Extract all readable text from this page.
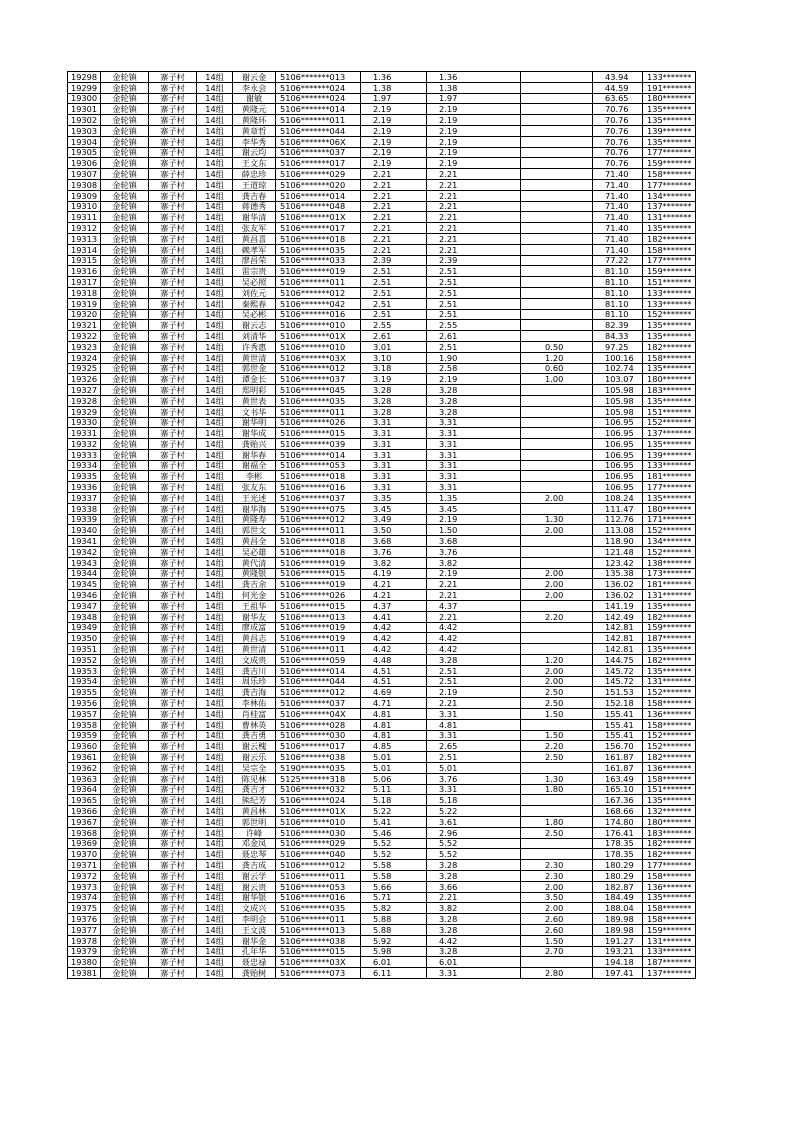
19298	金轮镇	寨子村	14组	谢云金	5106*******013	1.36	1.36		43.94	133*******
19299	金轮镇	寨子村	14组	李永会	5106*******024	1.38	1.38		44.59	191*******
19300	金轮镇	寨子村	14组	谢敏	5106*******024	1.97	1.97		63.65	180*******
19301	金轮镇	寨子村	14组	黄隆元	5106*******014	2.19	2.19		70.76	135*******
19302	金轮镇	寨子村	14组	黄隆环	5106*******011	2.19	2.19		70.76	135*******
19303	金轮镇	寨子村	14组	黄章哲	5106*******044	2.19	2.19		70.76	139*******
19304	金轮镇	寨子村	14组	李华秀	5106*******06X	2.19	2.19		70.76	135*******
19305	金轮镇	寨子村	14组	谢云均	5106*******037	2.19	2.19		70.76	177*******
19306	金轮镇	寨子村	14组	王文东	5106*******017	2.19	2.19		70.76	159*******
19307	金轮镇	寨子村	14组	薛忠珍	5106*******029	2.21	2.21		71.40	158*******
19308	金轮镇	寨子村	14组	王道琼	5106*******020	2.21	2.21		71.40	177*******
19309	金轮镇	寨子村	14组	龚吉春	5106*******014	2.21	2.21		71.40	134*******
19310	金轮镇	寨子村	14组	蒋德秀	5106*******048	2.21	2.21		71.40	137*******
19311	金轮镇	寨子村	14组	谢华清	5106*******01X	2.21	2.21		71.40	131*******
19312	金轮镇	寨子村	14组	张友军	5106*******017	2.21	2.21		71.40	135*******
19313	金轮镇	寨子村	14组	黄昌喜	5106*******018	2.21	2.21		71.40	182*******
19314	金轮镇	寨子村	14组	赖孝军	5106*******035	2.21	2.21		71.40	158*******
19315	金轮镇	寨子村	14组	廖昌荣	5106*******033	2.39	2.39		77.22	177*******
19316	金轮镇	寨子村	14组	雷宗贵	5106*******019	2.51	2.51		81.10	159*******
19317	金轮镇	寨子村	14组	吴必照	5106*******011	2.51	2.51		81.10	151*******
19318	金轮镇	寨子村	14组	刘佐元	5106*******012	2.51	2.51		81.10	133*******
19319	金轮镇	寨子村	14组	秦熙春	5106*******042	2.51	2.51		81.10	133*******
19320	金轮镇	寨子村	14组	吴必彬	5106*******016	2.51	2.51		81.10	152*******
19321	金轮镇	寨子村	14组	谢云志	5106*******010	2.55	2.55		82.39	135*******
19322	金轮镇	寨子村	14组	刘清华	5106*******01X	2.61	2.61		84.33	135*******
19323	金轮镇	寨子村	14组	许秀惠	5106*******010	3.01	2.51	0.50	97.25	182*******
19324	金轮镇	寨子村	14组	黄世清	5106*******03X	3.10	1.90	1.20	100.16	158*******
19325	金轮镇	寨子村	14组	郭世金	5106*******012	3.18	2.58	0.60	102.74	135*******
19326	金轮镇	寨子村	14组	谭金长	5106*******037	3.19	2.19	1.00	103.07	180*******
19327	金轮镇	寨子村	14组	郑明彩	5106*******045	3.28	3.28		105.98	183*******
19328	金轮镇	寨子村	14组	黄世表	5106*******035	3.28	3.28		105.98	135*******
19329	金轮镇	寨子村	14组	文书华	5106*******011	3.28	3.28		105.98	151*******
19330	金轮镇	寨子村	14组	谢华明	5106*******026	3.31	3.31		106.95	152*******
19331	金轮镇	寨子村	14组	谢华成	5106*******015	3.31	3.31		106.95	137*******
19332	金轮镇	寨子村	14组	龚贻兴	5106*******039	3.31	3.31		106.95	135*******
19333	金轮镇	寨子村	14组	谢华春	5106*******014	3.31	3.31		106.95	139*******
19334	金轮镇	寨子村	14组	谢福全	5106*******053	3.31	3.31		106.95	133*******
19335	金轮镇	寨子村	14组	李彬	5106*******018	3.31	3.31		106.95	181*******
19336	金轮镇	寨子村	14组	张友东	5106*******016	3.31	3.31		106.95	177*******
19337	金轮镇	寨子村	14组	王光述	5106*******037	3.35	1.35	2.00	108.24	135*******
19338	金轮镇	寨子村	14组	谢华海	5190*******075	3.45	3.45		111.47	180*******
19339	金轮镇	寨子村	14组	黄隆寿	5106*******012	3.49	2.19	1.30	112.76	171*******
19340	金轮镇	寨子村	14组	郭世文	5106*******011	3.50	1.50	2.00	113.08	152*******
19341	金轮镇	寨子村	14组	黄昌全	5106*******018	3.68	3.68		118.90	134*******
19342	金轮镇	寨子村	14组	吴必雄	5106*******018	3.76	3.76		121.48	152*******
19343	金轮镇	寨子村	14组	黄代清	5106*******019	3.82	3.82		123.42	138*******
19344	金轮镇	寨子村	14组	黄隆银	5106*******015	4.19	2.19	2.00	135.38	173*******
19345	金轮镇	寨子村	14组	龚吉余	5106*******019	4.21	2.21	2.00	136.02	181*******
19346	金轮镇	寨子村	14组	何光金	5106*******026	4.21	2.21	2.00	136.02	131*******
19347	金轮镇	寨子村	14组	王祖华	5106*******015	4.37	4.37		141.19	135*******
19348	金轮镇	寨子村	14组	谢华友	5106*******013	4.41	2.21	2.20	142.49	182*******
19349	金轮镇	寨子村	14组	廖成富	5106*******019	4.42	4.42		142.81	159*******
19350	金轮镇	寨子村	14组	黄昌志	5106*******019	4.42	4.42		142.81	187*******
19351	金轮镇	寨子村	14组	黄世清	5106*******011	4.42	4.42		142.81	135*******
19352	金轮镇	寨子村	14组	文成贵	5106*******059	4.48	3.28	1.20	144.75	182*******
19353	金轮镇	寨子村	14组	龚吉川	5106*******014	4.51	2.51	2.00	145.72	135*******
19354	金轮镇	寨子村	14组	周乐珍	5106*******044	4.51	2.51	2.00	145.72	131*******
19355	金轮镇	寨子村	14组	龚吉海	5106*******012	4.69	2.19	2.50	151.53	152*******
19356	金轮镇	寨子村	14组	李林佑	5106*******037	4.71	2.21	2.50	152.18	158*******
19357	金轮镇	寨子村	14组	肖桂富	5106*******04X	4.81	3.31	1.50	155.41	136*******
19358	金轮镇	寨子村	14组	曹林英	5106*******028	4.81	4.81		155.41	158*******
19359	金轮镇	寨子村	14组	龚吉勇	5106*******030	4.81	3.31	1.50	155.41	152*******
19360	金轮镇	寨子村	14组	谢云槐	5106*******017	4.85	2.65	2.20	156.70	152*******
19361	金轮镇	寨子村	14组	谢云乐	5106*******038	5.01	2.51	2.50	161.87	182*******
19362	金轮镇	寨子村	14组	吴宗全	5190*******035	5.01	5.01		161.87	136*******
19363	金轮镇	寨子村	14组	陈见林	5125*******318	5.06	3.76	1.30	163.49	158*******
19364	金轮镇	寨子村	14组	龚吉才	5106*******032	5.11	3.31	1.80	165.10	151*******
19365	金轮镇	寨子村	14组	熊纪芳	5106*******024	5.18	5.18		167.36	135*******
19366	金轮镇	寨子村	14组	黄昌林	5106*******01X	5.22	5.22		168.66	132*******
19367	金轮镇	寨子村	14组	郭世明	5106*******010	5.41	3.61	1.80	174.80	180*******
19368	金轮镇	寨子村	14组	许峰	5106*******030	5.46	2.96	2.50	176.41	183*******
19369	金轮镇	寨子村	14组	邓金凤	5106*******029	5.52	5.52		178.35	182*******
19370	金轮镇	寨子村	14组	聂忠琴	5106*******040	5.52	5.52		178.35	182*******
19371	金轮镇	寨子村	14组	龚吉成	5106*******012	5.58	3.28	2.30	180.29	177*******
19372	金轮镇	寨子村	14组	谢云学	5106*******011	5.58	3.28	2.30	180.29	158*******
19373	金轮镇	寨子村	14组	谢云贵	5106*******053	5.66	3.66	2.00	182.87	136*******
19374	金轮镇	寨子村	14组	谢华银	5106*******016	5.71	2.21	3.50	184.49	135*******
19375	金轮镇	寨子村	14组	文成兴	5106*******035	5.82	3.82	2.00	188.04	158*******
19376	金轮镇	寨子村	14组	李明会	5106*******011	5.88	3.28	2.60	189.98	158*******
19377	金轮镇	寨子村	14组	王文波	5106*******013	5.88	3.28	2.60	189.98	159*******
19378	金轮镇	寨子村	14组	谢华金	5106*******038	5.92	4.42	1.50	191.27	131*******
19379	金轮镇	寨子村	14组	孔年华	5106*******015	5.98	3.28	2.70	193.21	133*******
19380	金轮镇	寨子村	14组	聂忠禄	5106*******03X	6.01	6.01		194.18	187*******
19381	金轮镇	寨子村	14组	龚贻树	5106*******073	6.11	3.31	2.80	197.41	137*******
